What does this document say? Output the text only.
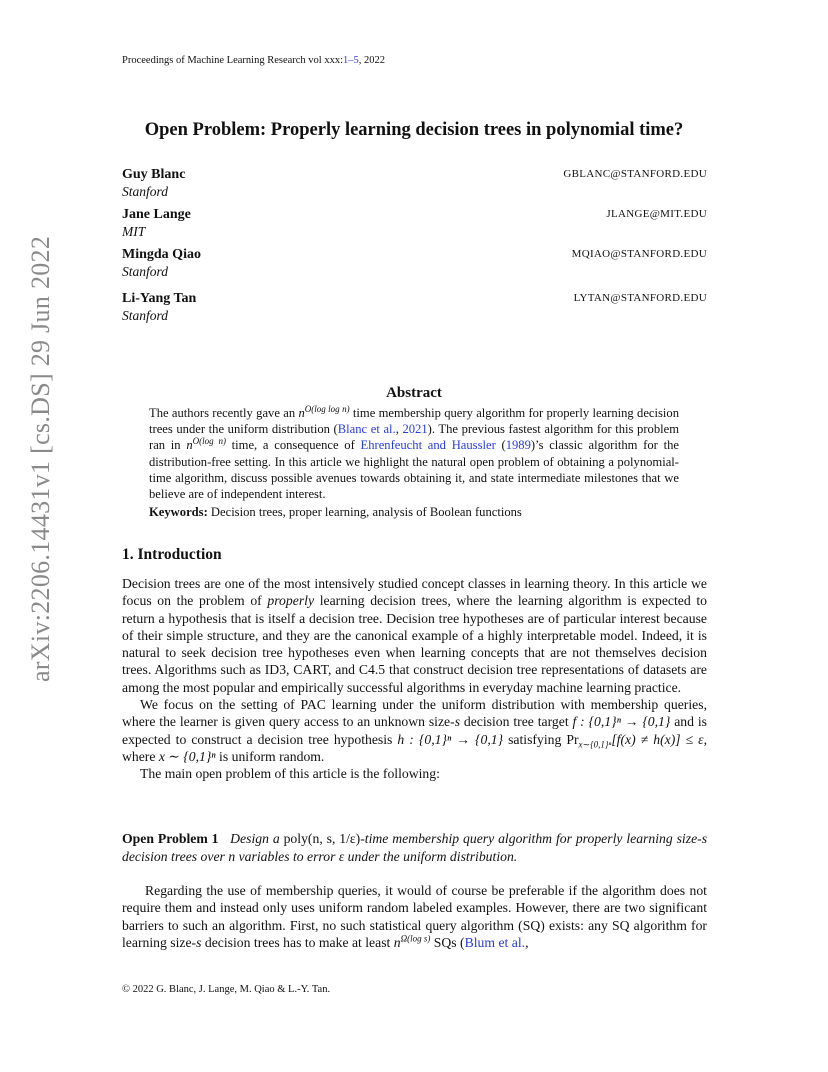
Proceedings of Machine Learning Research vol xxx:1–5, 2022
arXiv:2206.14431v1 [cs.DS] 29 Jun 2022
Open Problem: Properly learning decision trees in polynomial time?
Guy Blanc
Stanford
GBLANC@STANFORD.EDU
Jane Lange
MIT
JLANGE@MIT.EDU
Mingda Qiao
Stanford
MQIAO@STANFORD.EDU
Li-Yang Tan
Stanford
LYTAN@STANFORD.EDU
Abstract
The authors recently gave an $n^{O(log log n)}$ time membership query algorithm for properly learning decision trees under the uniform distribution (Blanc et al., 2021). The previous fastest algorithm for this problem ran in $n^{O(log n)}$ time, a consequence of Ehrenfeucht and Haussler (1989)’s classic algorithm for the distribution-free setting. In this article we highlight the natural open problem of obtaining a polynomial-time algorithm, discuss possible avenues towards obtaining it, and state intermediate milestones that we believe are of independent interest.
Keywords: Decision trees, proper learning, analysis of Boolean functions
1. Introduction

Decision trees are one of the most intensively studied concept classes in learning theory. In this article we focus on the problem of properly learning decision trees, where the learning algorithm is expected to return a hypothesis that is itself a decision tree. Decision tree hypotheses are of particular interest because of their simple structure, and they are the canonical example of a highly interpretable model. Indeed, it is natural to seek decision tree hypotheses even when learning concepts that are not themselves decision trees. Algorithms such as ID3, CART, and C4.5 that construct decision tree representations of datasets are among the most popular and empirically successful algorithms in everyday machine learning practice.

We focus on the setting of PAC learning under the uniform distribution with membership queries, where the learner is given query access to an unknown size-s decision tree target f : {0,1}ⁿ → {0,1} and is expected to construct a decision tree hypothesis h : {0,1}ⁿ → {0,1} satisfying $Pr_{x\sim\{0,1\}^n}[f(x) \ne h(x)] \le \varepsilon$, where x ∼ {0,1}ⁿ is uniform random.

The main open problem of this article is the following:

Open Problem 1 Design a poly(n, s, 1/ε)-time membership query algorithm for properly learning size-s decision trees over n variables to error ε under the uniform distribution.

Regarding the use of membership queries, it would of course be preferable if the algorithm does not require them and instead only uses uniform random labeled examples. However, there are two significant barriers to such an algorithm. First, no such statistical query algorithm (SQ) exists: any SQ algorithm for learning size-s decision trees has to make at least $n^{\Omega(log s)}$ SQs (Blum et al.,

© 2022 G. Blanc, J. Lange, M. Qiao & L.-Y. Tan.
